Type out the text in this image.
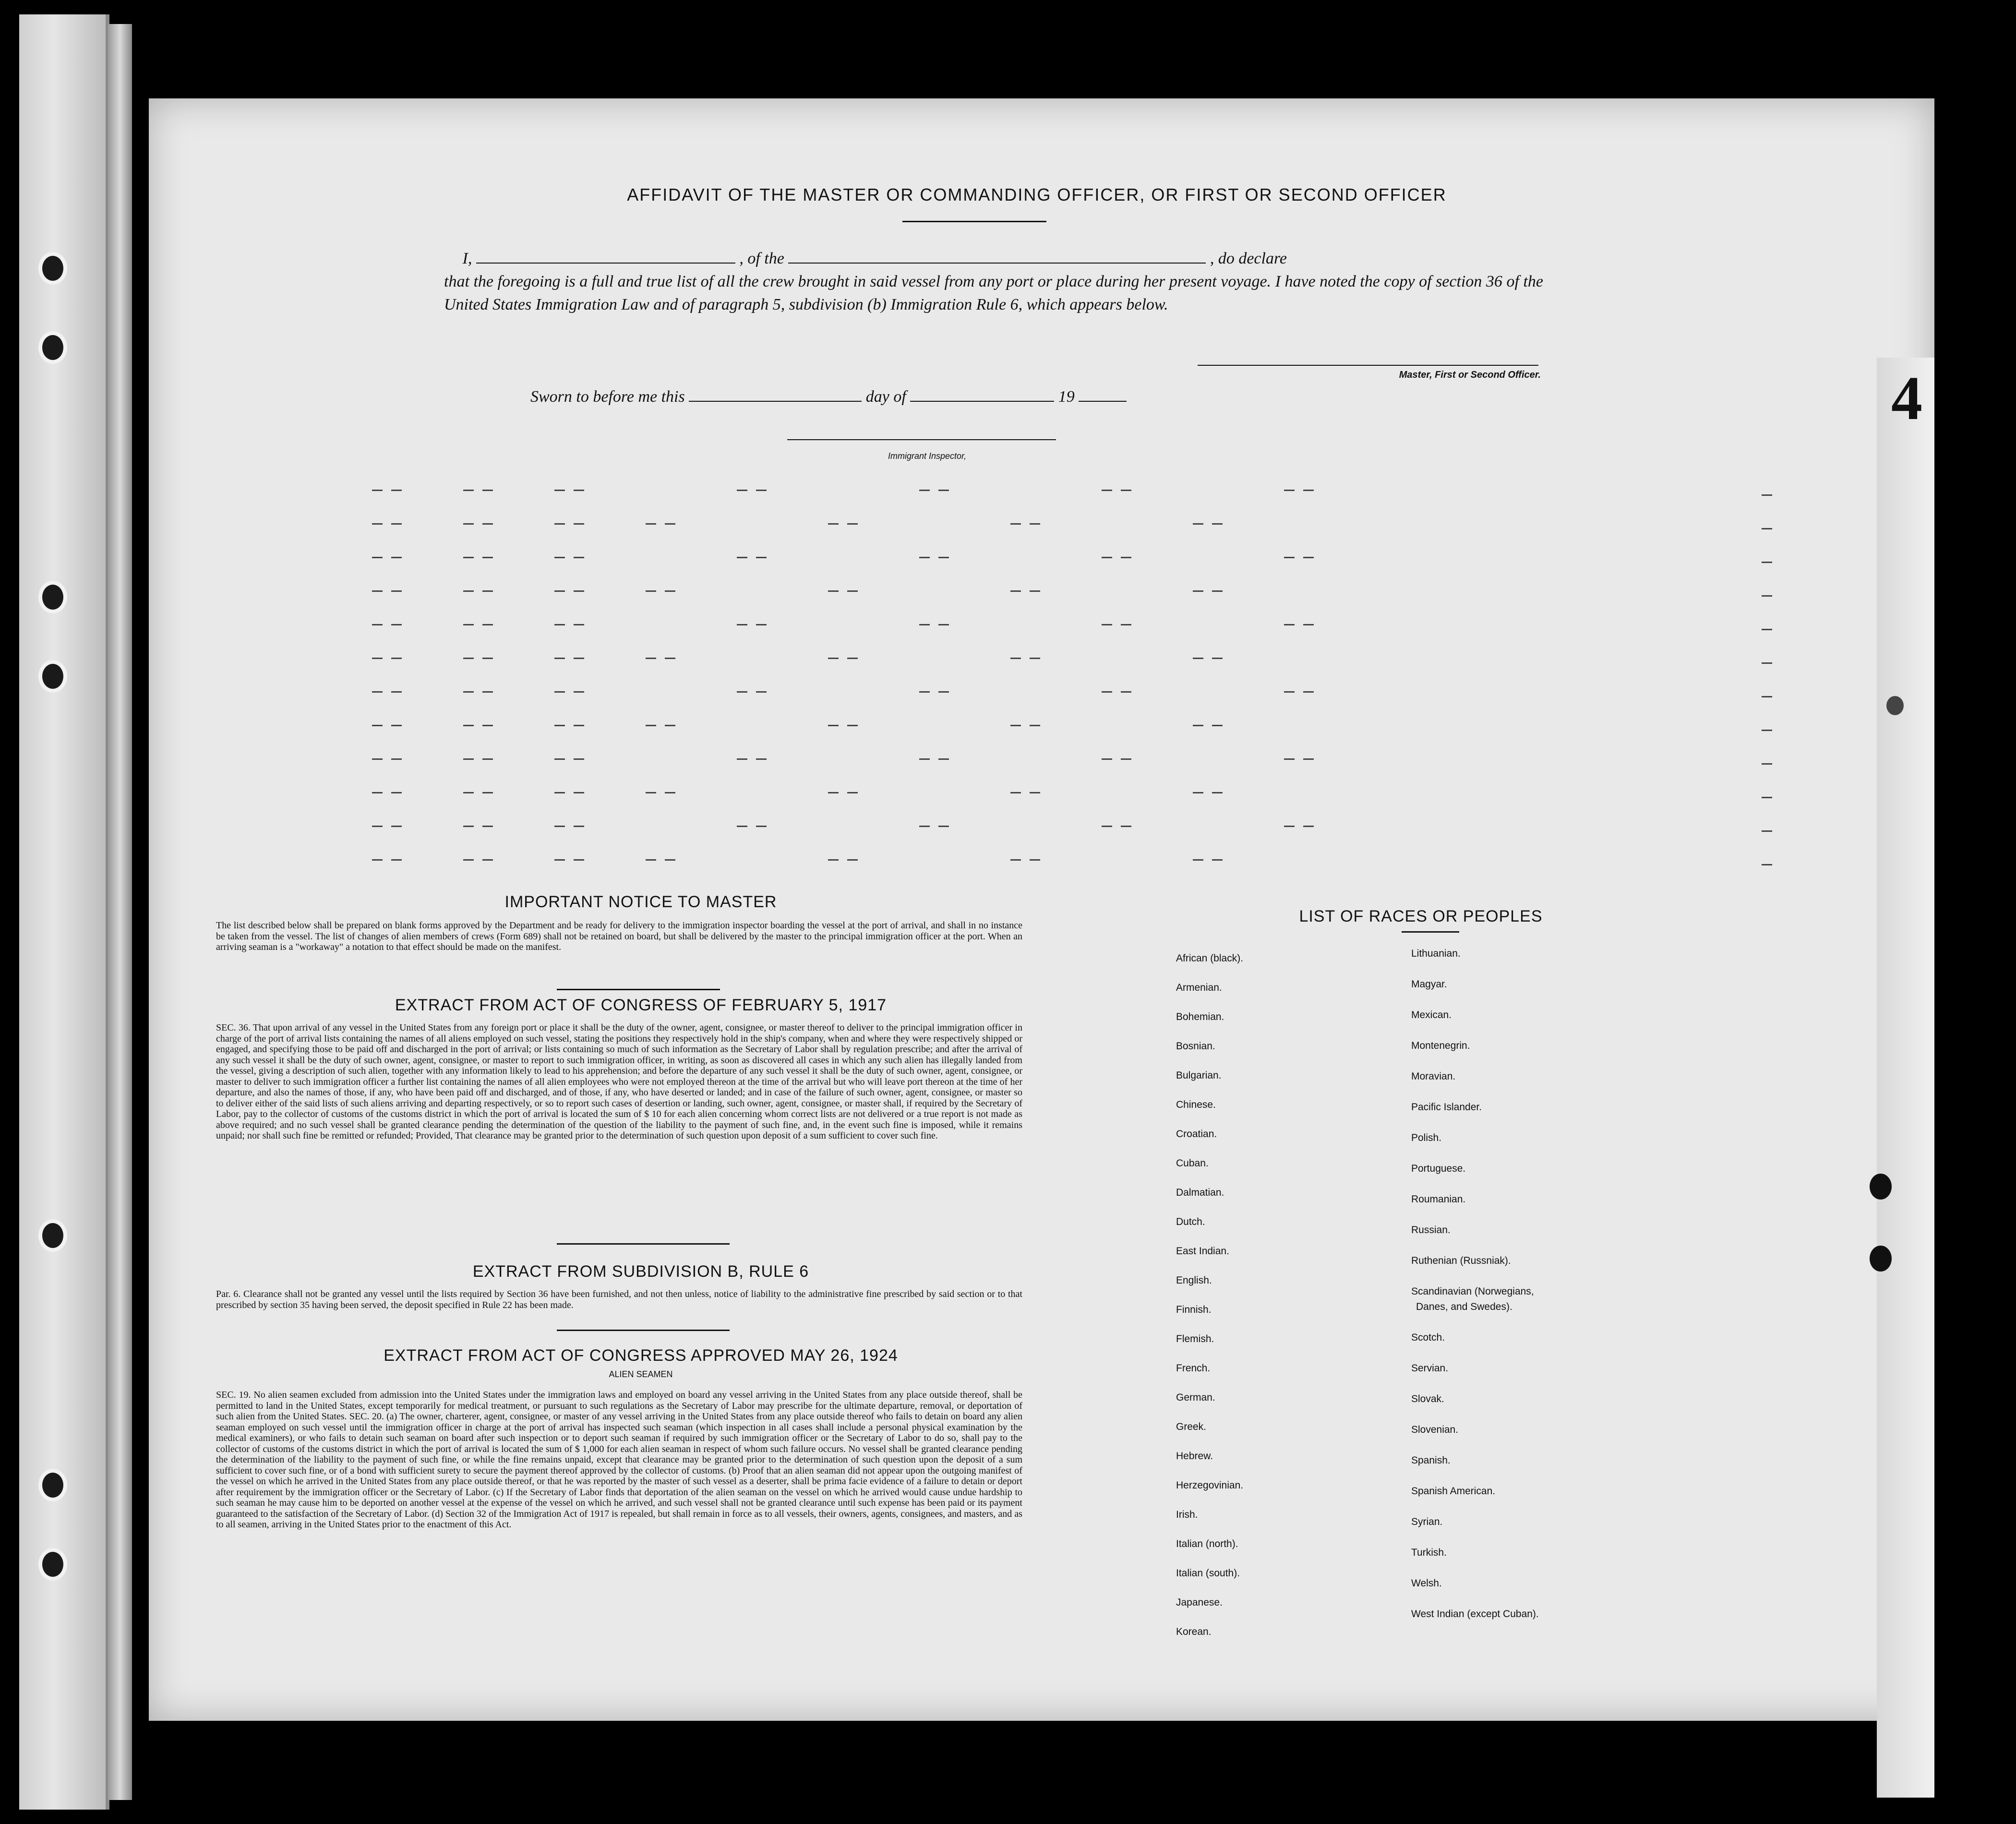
4
AFFIDAVIT OF THE MASTER OR COMMANDING OFFICER, OR FIRST OR SECOND OFFICER
I,	, of the	, do declare
that the foregoing is a full and true list of all the crew brought in said vessel from any port or place during her present voyage. I have noted the copy of section 36 of the United States Immigration Law and of paragraph 5, subdivision (b) Immigration Rule 6, which appears below.
Master, First or Second Officer.
Sworn to before me this	day of	19
Immigrant Inspector,
IMPORTANT NOTICE TO MASTER
The list described below shall be prepared on blank forms approved by the Department and be ready for delivery to the immigration inspector boarding the vessel at the port of arrival, and shall in no instance be taken from the vessel. The list of changes of alien members of crews (Form 689) shall not be retained on board, but shall be delivered by the master to the principal immigration officer at the port. When an arriving seaman is a "workaway" a notation to that effect should be made on the manifest.
EXTRACT FROM ACT OF CONGRESS OF FEBRUARY 5, 1917
SEC. 36. That upon arrival of any vessel in the United States from any foreign port or place it shall be the duty of the owner, agent, consignee, or master thereof to deliver to the principal immigration officer in charge of the port of arrival lists containing the names of all aliens employed on such vessel, stating the positions they respectively hold in the ship's company, when and where they were respectively shipped or engaged, and specifying those to be paid off and discharged in the port of arrival; or lists containing so much of such information as the Secretary of Labor shall by regulation prescribe; and after the arrival of any such vessel it shall be the duty of such owner, agent, consignee, or master to report to such immigration officer, in writing, as soon as discovered all cases in which any such alien has illegally landed from the vessel, giving a description of such alien, together with any information likely to lead to his apprehension; and before the departure of any such vessel it shall be the duty of such owner, agent, consignee, or master to deliver to such immigration officer a further list containing the names of all alien employees who were not employed thereon at the time of the arrival but who will leave port thereon at the time of her departure, and also the names of those, if any, who have been paid off and discharged, and of those, if any, who have deserted or landed; and in case of the failure of such owner, agent, consignee, or master so to deliver either of the said lists of such aliens arriving and departing respectively, or so to report such cases of desertion or landing, such owner, agent, consignee, or master shall, if required by the Secretary of Labor, pay to the collector of customs of the customs district in which the port of arrival is located the sum of $ 10 for each alien concerning whom correct lists are not delivered or a true report is not made as above required; and no such vessel shall be granted clearance pending the determination of the question of the liability to the payment of such fine, and, in the event such fine is imposed, while it remains unpaid; nor shall such fine be remitted or refunded; Provided, That clearance may be granted prior to the determination of such question upon deposit of a sum sufficient to cover such fine.
EXTRACT FROM SUBDIVISION B, RULE 6
Par. 6. Clearance shall not be granted any vessel until the lists required by Section 36 have been furnished, and not then unless, notice of liability to the administrative fine prescribed by said section or to that prescribed by section 35 having been served, the deposit specified in Rule 22 has been made.
EXTRACT FROM ACT OF CONGRESS APPROVED MAY 26, 1924
ALIEN SEAMEN
SEC. 19. No alien seamen excluded from admission into the United States under the immigration laws and employed on board any vessel arriving in the United States from any place outside thereof, shall be permitted to land in the United States, except temporarily for medical treatment, or pursuant to such regulations as the Secretary of Labor may prescribe for the ultimate departure, removal, or deportation of such alien from the United States. SEC. 20. (a) The owner, charterer, agent, consignee, or master of any vessel arriving in the United States from any place outside thereof who fails to detain on board any alien seaman employed on such vessel until the immigration officer in charge at the port of arrival has inspected such seaman (which inspection in all cases shall include a personal physical examination by the medical examiners), or who fails to detain such seaman on board after such inspection or to deport such seaman if required by such immigration officer or the Secretary of Labor to do so, shall pay to the collector of customs of the customs district in which the port of arrival is located the sum of $ 1,000 for each alien seaman in respect of whom such failure occurs. No vessel shall be granted clearance pending the determination of the liability to the payment of such fine, or while the fine remains unpaid, except that clearance may be granted prior to the determination of such question upon the deposit of a sum sufficient to cover such fine, or of a bond with sufficient surety to secure the payment thereof approved by the collector of customs. (b) Proof that an alien seaman did not appear upon the outgoing manifest of the vessel on which he arrived in the United States from any place outside thereof, or that he was reported by the master of such vessel as a deserter, shall be prima facie evidence of a failure to detain or deport after requirement by the immigration officer or the Secretary of Labor. (c) If the Secretary of Labor finds that deportation of the alien seaman on the vessel on which he arrived would cause undue hardship to such seaman he may cause him to be deported on another vessel at the expense of the vessel on which he arrived, and such vessel shall not be granted clearance until such expense has been paid or its payment guaranteed to the satisfaction of the Secretary of Labor. (d) Section 32 of the Immigration Act of 1917 is repealed, but shall remain in force as to all vessels, their owners, agents, consignees, and masters, and as to all seamen, arriving in the United States prior to the enactment of this Act.
LIST OF RACES OR PEOPLES
African (black).
Armenian.
Bohemian.
Bosnian.
Bulgarian.
Chinese.
Croatian.
Cuban.
Dalmatian.
Dutch.
East Indian.
English.
Finnish.
Flemish.
French.
German.
Greek.
Hebrew.
Herzegovinian.
Irish.
Italian (north).
Italian (south).
Japanese.
Korean.
Lithuanian.
Magyar.
Mexican.
Montenegrin.
Moravian.
Pacific Islander.
Polish.
Portuguese.
Roumanian.
Russian.
Ruthenian (Russniak).
Scandinavian (Norwegians,
Danes, and Swedes).
Scotch.
Servian.
Slovak.
Slovenian.
Spanish.
Spanish American.
Syrian.
Turkish.
Welsh.
West Indian (except Cuban).
